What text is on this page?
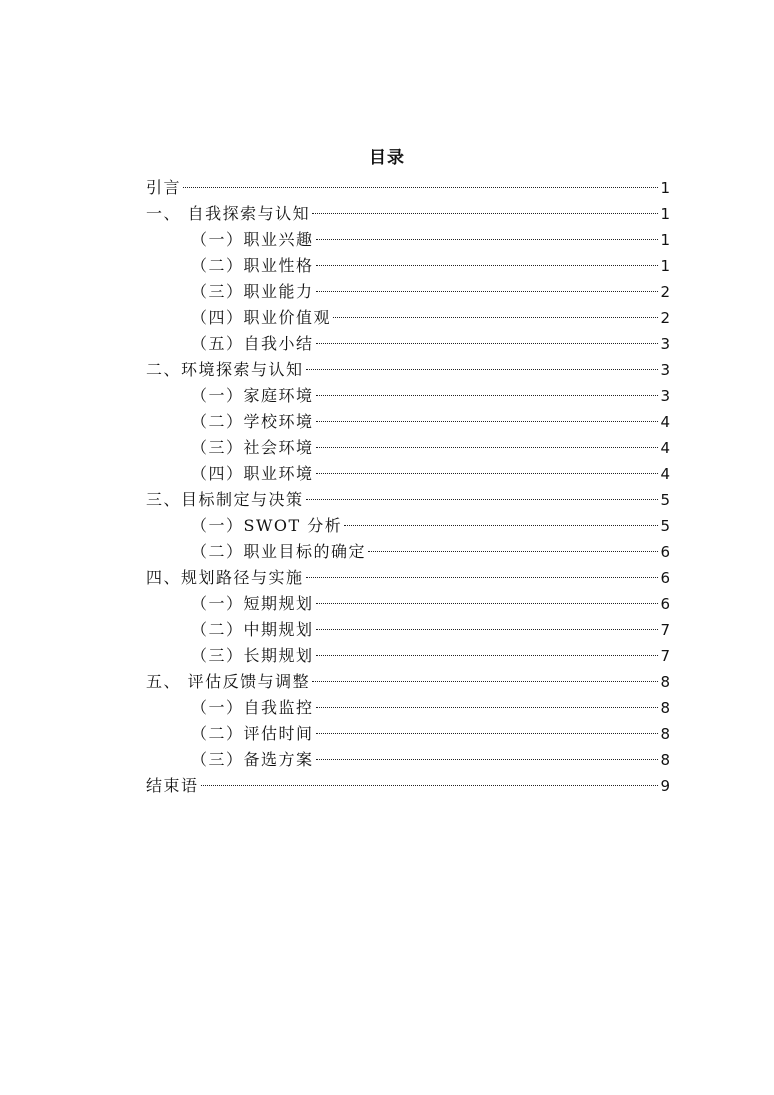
目录
引言	1
一、 自我探索与认知	1
（一）职业兴趣	1
（二）职业性格	1
（三）职业能力	2
（四）职业价值观	2
（五）自我小结	3
二、环境探索与认知	3
（一）家庭环境	3
（二）学校环境	4
（三）社会环境	4
（四）职业环境	4
三、目标制定与决策	5
（一）SWOT 分析	5
（二）职业目标的确定	6
四、规划路径与实施	6
（一）短期规划	6
（二）中期规划	7
（三）长期规划	7
五、 评估反馈与调整	8
（一）自我监控	8
（二）评估时间	8
（三）备选方案	8
结束语	9
